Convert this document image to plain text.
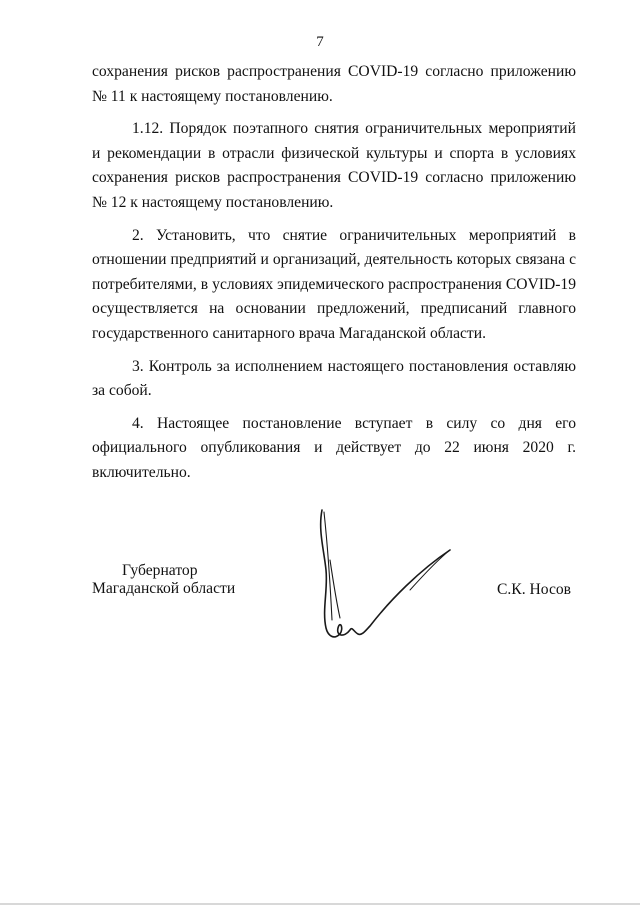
7

сохранения рисков распространения COVID-19 согласно приложению № 11 к настоящему постановлению.

1.12. Порядок поэтапного снятия ограничительных мероприятий и рекомендации в отрасли физической культуры и спорта в условиях сохранения рисков распространения COVID-19 согласно приложению № 12 к настоящему постановлению.

2. Установить, что снятие ограничительных мероприятий в отношении предприятий и организаций, деятельность которых связана с потребителями, в условиях эпидемического распространения COVID-19 осуществляется на основании предложений, предписаний главного государственного санитарного врача Магаданской области.

3. Контроль за исполнением настоящего постановления оставляю за собой.

4. Настоящее постановление вступает в силу со дня его официального опубликования и действует до 22 июня 2020 г. включительно.

Губернатор
Магаданской области	С.К. Носов
